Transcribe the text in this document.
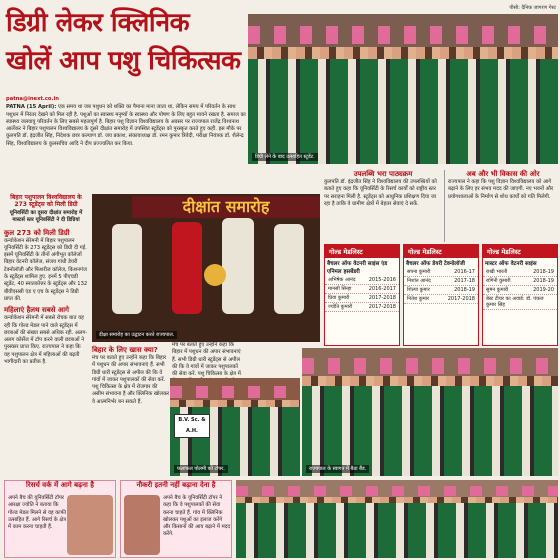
डिग्री लेकर क्लिनिक
खोलें आप पशु चिकित्सक
डिग्री लेने के बाद उत्साहित स्टूडेंट.
पीसी: दैनिक जागरण गेस्ट

patna@inext.co.in

PATNA (15 April): एक समय था जब पशुधन को शक्ति का पैमाना माना जाता था, लेकिन समय में परिवर्तन के साथ पशुधन में निरंतर देखने को मिल रही है. पशुओं का स्वास्थ्य मनुष्यों के स्वास्थ्य और पोषण के लिए बहुत मायने रखता है. समाज का स्वास्थ्य जलवायु परिवर्तन के लिए सबसे महत्वपूर्ण है. बिहार पशु विज्ञान विश्वविद्यालय के अवसर पर राज्यपाल राजेंद्र विश्वनाथ आर्लेकर ने बिहार पशुपालन विश्वविद्यालय के दूसरे दीक्षांत समारोह में उपस्थित स्टूडेंट्स को पुरस्कृत करते हुए कही. इस मौके पर कुलपति डॉ. इंद्रजीत सिंह, निदेशक छात्र कल्याण डॉ. जय प्रकाश, संकायाध्यक्ष डॉ. रमन कुमार त्रिवेदी, परीक्षा नियंत्रक डॉ. शैलेन्द्र सिंह, विश्वविद्यालय के कुलसचिव आदि ने दीप प्रज्ज्वलित कर किया.

बिहार पशुपालन विश्वविद्यालय के 273 स्टूडेंट्स को मिली डिग्री
यूनिवर्सिटी का दूसरा दीक्षांत समारोह में मास्टर्स स्तर यूनिवर्सिटी ने दी डिग्रियां
कुल 273 को मिली डिग्री
कन्वोकेशन सेरेमनी में बिहार पशुपालन यूनिवर्सिटी के 273 स्टूडेंट्स को डिग्री दी गई. इसमें यूनिवर्सिटी के तीनों अंगीभूत कॉलेजों बिहार वेटनरी कॉलेज, संजय गांधी डेयरी टेक्नोलॉजी और फिशरीज कॉलेज, किशनगंज के स्टूडेंट्स शामिल हुए. इनमें 5 पीएचडी स्टूडेंट, 40 स्नातकोत्तर के स्टूडेंट्स और 132 बीवीएससी एंड ए एच के स्टूडेंट्स ने डिग्री प्राप्त की.
महिलाएं हैलथ सबसे आगे
कन्वोकेशन सेरेमनी में सबसे रोचक बात यह रही कि गोल्ड मेडल पाने वाले स्टूडेंट्स में छात्राओं की संख्या सबसे अधिक रही. अलग-अलग कोर्सेज में टॉप करने वाली छात्राओं ने पुरस्कार प्राप्त किए. राज्यपाल ने कहा कि यह पशुपालन क्षेत्र में महिलाओं की बढ़ती भागीदारी का प्रतीक है.
दीक्षांत समारोह
दीक्षा समारोह का उद्घाटन करते राज्यपाल.
मंच पर बताते हुए उन्होंने कहा कि बिहार में पशुधन की अपार संभावनाएं हैं. सभी डिग्री धारी स्टूडेंट्स से अपील की कि वे गांवों में जाकर पशुपालकों की सेवा करें. पशु चिकित्सा के क्षेत्र में
बिहार के लिए खास क्या?
मंच पर बताते हुए उन्होंने कहा कि बिहार में पशुधन की अपार संभावनाएं हैं. सभी डिग्री धारी स्टूडेंट्स से अपील की कि वे गांवों में जाकर पशुपालकों की सेवा करें. पशु चिकित्सा के क्षेत्र में रोजगार की असीम संभावना है और क्लिनिक खोलकर वे आत्मनिर्भर बन सकते हैं.
B.V. Sc. & A.H.
फलाफल पोलमी को टोपर.
उपलब्धि भरा पाठ्यक्रम
कुलपति डॉ. इंद्रजीत सिंह ने विश्वविद्यालय की उपलब्धियों को बताते हुए कहा कि यूनिवर्सिटी के रिसर्च कार्यों को राष्ट्रीय स्तर पर सराहना मिली है. स्टूडेंट्स को आधुनिक प्रशिक्षण दिया जा रहा है ताकि वे ग्रामीण क्षेत्रों में बेहतर सेवाएं दे सकें.
अब और भी विकास की ओर
राज्यपाल ने कहा कि पशु विज्ञान विश्वविद्यालय को आगे बढ़ाने के लिए हर संभव मदद की जाएगी. नए भवनों और प्रयोगशालाओं के निर्माण से शोध कार्यों को गति मिलेगी.
गोल्ड मेडलिस्ट
बैचलर ऑफ वेटनरी साइंस एंड एनिमल हसबेंडरी
अभिषेक आनंद	2015-2016
मानसी सिन्हा	2016-2017
प्रिया कुमारी	2017-2018
ज्योति कुमारी	2017-2018
गोल्ड मेडलिस्ट
बैचलर ऑफ डेयरी टेक्नोलॉजी
सपना कुमारी	2016-17
निशांत आनंद	2017-18
शिल्पा कुमार	2018-19
नितेश कुमार	2017-2018
गोल्ड मेडलिस्ट
मास्टर ऑफ वेटनरी साइंस
राखी भारती	2018-19
रागिनी कुमारी	2018-19
सुमन कुमारी	2019-20
बेस्ट टीचर का अवार्ड: डॉ. पंकज कुमार सिंह
राज्यपाल के स्वागत में बैठा बैंड.
रिसर्च वर्क में आगे बढ़ना है
अपने बैच की यूनिवर्सिटी टॉपर आरक्षा ज्योति ने बताया कि गोल्ड मेडल मिलने से वह काफी उत्साहित हैं. आगे रिसर्च के क्षेत्र में काम करना चाहती हैं.
नौकरी इतनी नहीं बढ़ाना देना है
अपने बैच के यूनिवर्सिटी टॉपर ने कहा कि वे पशुपालकों की सेवा करना चाहते हैं. गांव में क्लिनिक खोलकर पशुओं का इलाज करेंगे और किसानों की आय बढ़ाने में मदद करेंगे.
